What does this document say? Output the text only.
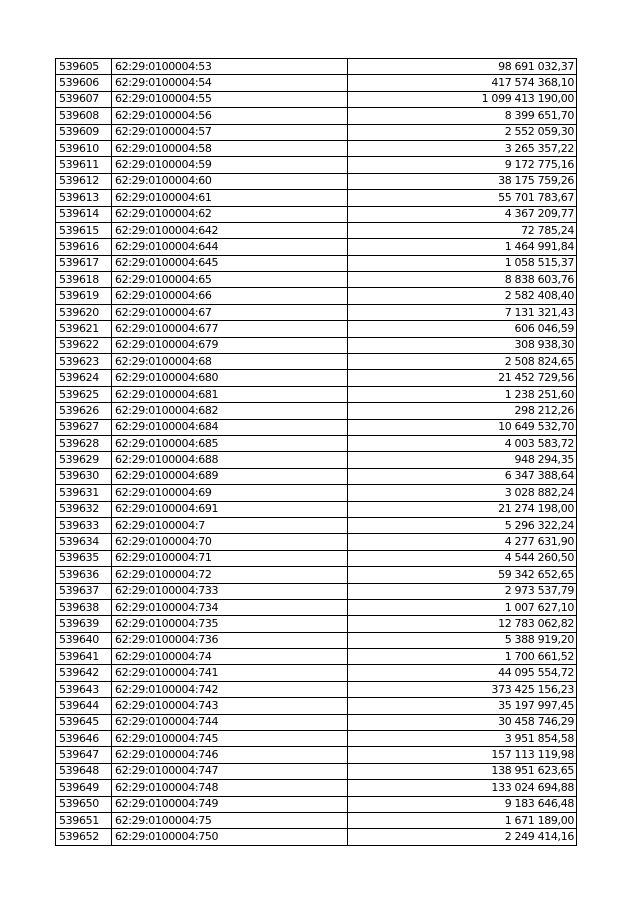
539605	62:29:0100004:53	98 691 032,37
539606	62:29:0100004:54	417 574 368,10
539607	62:29:0100004:55	1 099 413 190,00
539608	62:29:0100004:56	8 399 651,70
539609	62:29:0100004:57	2 552 059,30
539610	62:29:0100004:58	3 265 357,22
539611	62:29:0100004:59	9 172 775,16
539612	62:29:0100004:60	38 175 759,26
539613	62:29:0100004:61	55 701 783,67
539614	62:29:0100004:62	4 367 209,77
539615	62:29:0100004:642	72 785,24
539616	62:29:0100004:644	1 464 991,84
539617	62:29:0100004:645	1 058 515,37
539618	62:29:0100004:65	8 838 603,76
539619	62:29:0100004:66	2 582 408,40
539620	62:29:0100004:67	7 131 321,43
539621	62:29:0100004:677	606 046,59
539622	62:29:0100004:679	308 938,30
539623	62:29:0100004:68	2 508 824,65
539624	62:29:0100004:680	21 452 729,56
539625	62:29:0100004:681	1 238 251,60
539626	62:29:0100004:682	298 212,26
539627	62:29:0100004:684	10 649 532,70
539628	62:29:0100004:685	4 003 583,72
539629	62:29:0100004:688	948 294,35
539630	62:29:0100004:689	6 347 388,64
539631	62:29:0100004:69	3 028 882,24
539632	62:29:0100004:691	21 274 198,00
539633	62:29:0100004:7	5 296 322,24
539634	62:29:0100004:70	4 277 631,90
539635	62:29:0100004:71	4 544 260,50
539636	62:29:0100004:72	59 342 652,65
539637	62:29:0100004:733	2 973 537,79
539638	62:29:0100004:734	1 007 627,10
539639	62:29:0100004:735	12 783 062,82
539640	62:29:0100004:736	5 388 919,20
539641	62:29:0100004:74	1 700 661,52
539642	62:29:0100004:741	44 095 554,72
539643	62:29:0100004:742	373 425 156,23
539644	62:29:0100004:743	35 197 997,45
539645	62:29:0100004:744	30 458 746,29
539646	62:29:0100004:745	3 951 854,58
539647	62:29:0100004:746	157 113 119,98
539648	62:29:0100004:747	138 951 623,65
539649	62:29:0100004:748	133 024 694,88
539650	62:29:0100004:749	9 183 646,48
539651	62:29:0100004:75	1 671 189,00
539652	62:29:0100004:750	2 249 414,16
